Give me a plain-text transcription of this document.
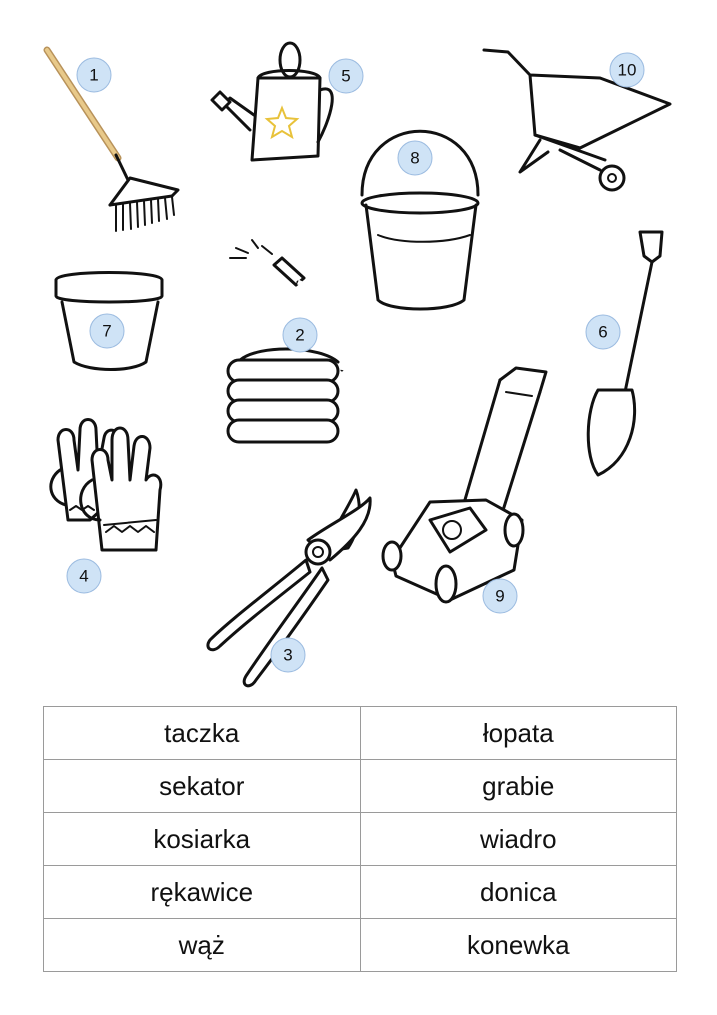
1
2
3
4
5
6
7
8
9
10
taczka	łopata
sekator	grabie
kosiarka	wiadro
rękawice	donica
wąż	konewka
